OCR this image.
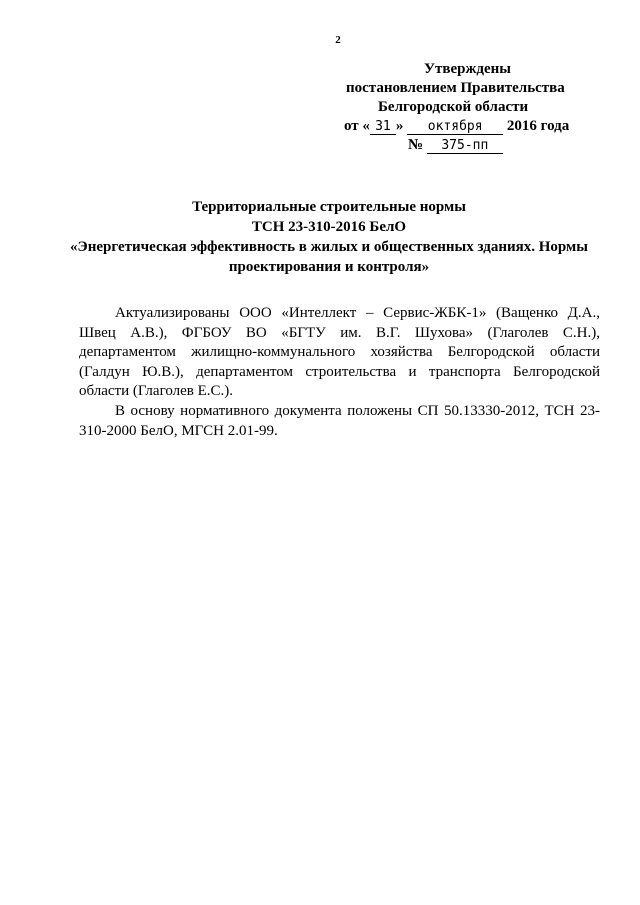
2
Утверждены
постановлением Правительства
Белгородской области
от « 31 » октября 2016 года
№ 375-пп
Территориальные строительные нормы
ТСН 23-310-2016 БелО
«Энергетическая эффективность в жилых и общественных зданиях. Нормы проектирования и контроля»

Актуализированы ООО «Интеллект – Сервис-ЖБК-1» (Ващенко Д.А., Швец А.В.), ФГБОУ ВО «БГТУ им. В.Г. Шухова» (Глаголев С.Н.), департаментом жилищно-коммунального хозяйства Белгородской области (Галдун Ю.В.), департаментом строительства и транспорта Белгородской области (Глаголев Е.С.).

В основу нормативного документа положены СП 50.13330-2012, ТСН 23-310-2000 БелО, МГСН 2.01-99.
